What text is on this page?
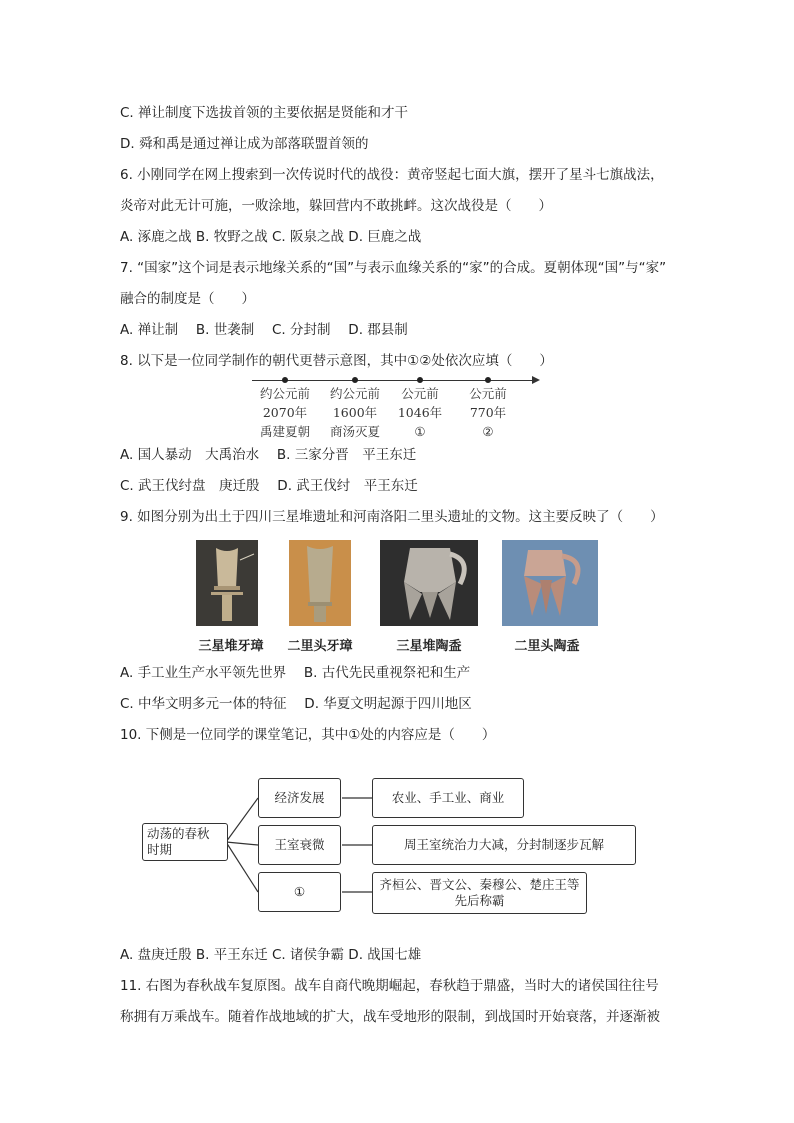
C. 禅让制度下选拔首领的主要依据是贤能和才干
D. 舜和禹是通过禅让成为部落联盟首领的
6. 小刚同学在网上搜索到一次传说时代的战役：黄帝竖起七面大旗，摆开了星斗七旗战法，
炎帝对此无计可施，一败涂地，躲回营内不敢挑衅。这次战役是（　　）
A. 涿鹿之战 B. 牧野之战 C. 阪泉之战 D. 巨鹿之战
7. “国家”这个词是表示地缘关系的“国”与表示血缘关系的“家”的合成。夏朝体现“国”与“家”
融合的制度是（　　）
A. 禅让制　 B. 世袭制　 C. 分封制　 D. 郡县制
8. 以下是一位同学制作的朝代更替示意图，其中①②处依次应填（　　）
约公元前
2070年
禹建夏朝
约公元前
1600年
商汤灭夏
公元前
1046年
①
公元前
770年
②
A. 国人暴动　大禹治水　 B. 三家分晋　平王东迁
C. 武王伐纣盘　庚迁殷　 D. 武王伐纣　平王东迁
9. 如图分别为出土于四川三星堆遗址和河南洛阳二里头遗址的文物。这主要反映了（　　）
三星堆牙璋	二里头牙璋	三星堆陶盉	二里头陶盉
A. 手工业生产水平领先世界　 B. 古代先民重视祭祀和生产
C. 中华文明多元一体的特征　 D. 华夏文明起源于四川地区
10. 下侧是一位同学的课堂笔记，其中①处的内容应是（　　）
动荡的春秋时期
经济发展
王室衰微
①
农业、手工业、商业
周王室统治力大减，分封制逐步瓦解
齐桓公、晋文公、秦穆公、楚庄王等先后称霸
A. 盘庚迁殷 B. 平王东迁 C. 诸侯争霸 D. 战国七雄
11. 右图为春秋战车复原图。战车自商代晚期崛起，春秋趋于鼎盛，当时大的诸侯国往往号
称拥有万乘战车。随着作战地域的扩大，战车受地形的限制，到战国时开始衰落，并逐渐被
